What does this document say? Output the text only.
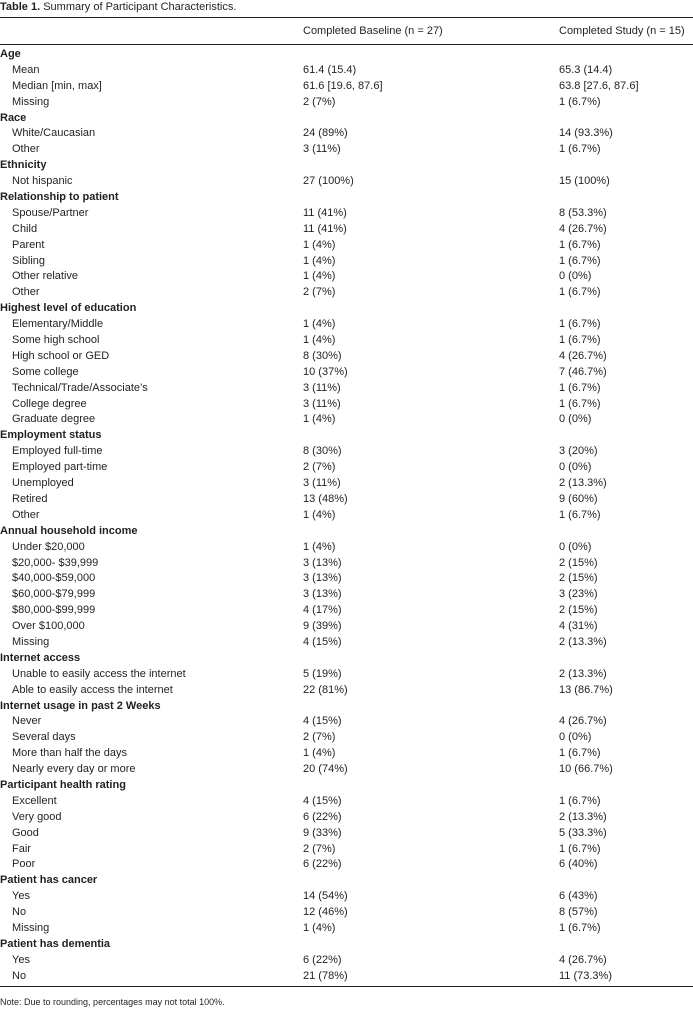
Table 1. Summary of Participant Characteristics.
Completed Baseline (n = 27)	Completed Study (n = 15)
Age
Mean	61.4 (15.4)	65.3 (14.4)
Median [min, max]	61.6 [19.6, 87.6]	63.8 [27.6, 87.6]
Missing	2 (7%)	1 (6.7%)
Race
White/Caucasian	24 (89%)	14 (93.3%)
Other	3 (11%)	1 (6.7%)
Ethnicity
Not hispanic	27 (100%)	15 (100%)
Relationship to patient
Spouse/Partner	11 (41%)	8 (53.3%)
Child	11 (41%)	4 (26.7%)
Parent	1 (4%)	1 (6.7%)
Sibling	1 (4%)	1 (6.7%)
Other relative	1 (4%)	0 (0%)
Other	2 (7%)	1 (6.7%)
Highest level of education
Elementary/Middle	1 (4%)	1 (6.7%)
Some high school	1 (4%)	1 (6.7%)
High school or GED	8 (30%)	4 (26.7%)
Some college	10 (37%)	7 (46.7%)
Technical/Trade/Associate’s	3 (11%)	1 (6.7%)
College degree	3 (11%)	1 (6.7%)
Graduate degree	1 (4%)	0 (0%)
Employment status
Employed full-time	8 (30%)	3 (20%)
Employed part-time	2 (7%)	0 (0%)
Unemployed	3 (11%)	2 (13.3%)
Retired	13 (48%)	9 (60%)
Other	1 (4%)	1 (6.7%)
Annual household income
Under $20,000	1 (4%)	0 (0%)
$20,000- $39,999	3 (13%)	2 (15%)
$40,000-$59,000	3 (13%)	2 (15%)
$60,000-$79,999	3 (13%)	3 (23%)
$80,000-$99,999	4 (17%)	2 (15%)
Over $100,000	9 (39%)	4 (31%)
Missing	4 (15%)	2 (13.3%)
Internet access
Unable to easily access the internet	5 (19%)	2 (13.3%)
Able to easily access the internet	22 (81%)	13 (86.7%)
Internet usage in past 2 Weeks
Never	4 (15%)	4 (26.7%)
Several days	2 (7%)	0 (0%)
More than half the days	1 (4%)	1 (6.7%)
Nearly every day or more	20 (74%)	10 (66.7%)
Participant health rating
Excellent	4 (15%)	1 (6.7%)
Very good	6 (22%)	2 (13.3%)
Good	9 (33%)	5 (33.3%)
Fair	2 (7%)	1 (6.7%)
Poor	6 (22%)	6 (40%)
Patient has cancer
Yes	14 (54%)	6 (43%)
No	12 (46%)	8 (57%)
Missing	1 (4%)	1 (6.7%)
Patient has dementia
Yes	6 (22%)	4 (26.7%)
No	21 (78%)	11 (73.3%)
Note: Due to rounding, percentages may not total 100%.
